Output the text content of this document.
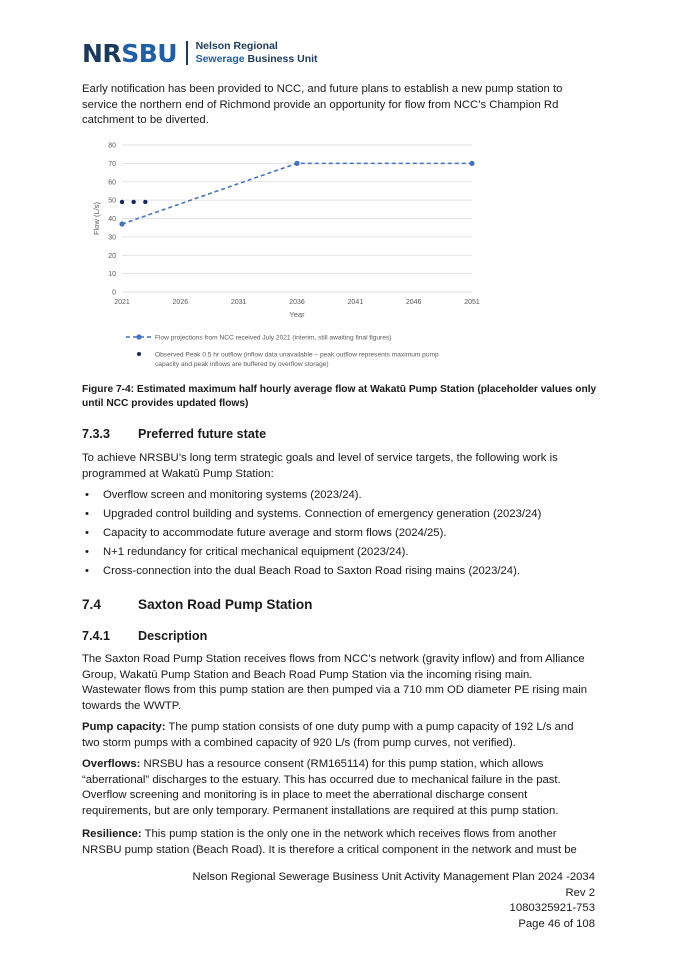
NRSBU Nelson Regional
Sewerage Business Unit

Early notification has been provided to NCC, and future plans to establish a new pump station to service the northern end of Richmond provide an opportunity for flow from NCC’s Champion Rd catchment to be diverted.

0
10
20
30
40
50
60
70
80
2021	2026	2031	2036	2041	2046	2051
Flow (L/s)
Year
Flow projections from NCC received July 2021 (interim, still awaiting final figures)
Observed Peak 0.5 hr outflow (inflow data unavailable – peak outflow represents maximum pump capacity and peak inflows are buffered by overflow storage)

Figure 7-4: Estimated maximum half hourly average flow at Wakatū Pump Station (placeholder values only until NCC provides updated flows)

7.3.3 Preferred future state

To achieve NRSBU’s long term strategic goals and level of service targets, the following work is programmed at Wakatū Pump Station:

• Overflow screen and monitoring systems (2023/24).
• Upgraded control building and systems. Connection of emergency generation (2023/24)
• Capacity to accommodate future average and storm flows (2024/25).
• N+1 redundancy for critical mechanical equipment (2023/24).
• Cross-connection into the dual Beach Road to Saxton Road rising mains (2023/24).
7.4	Saxton Road Pump Station
7.4.1 Description

The Saxton Road Pump Station receives flows from NCC’s network (gravity inflow) and from Alliance Group, Wakatū Pump Station and Beach Road Pump Station via the incoming rising main. Wastewater flows from this pump station are then pumped via a 710 mm OD diameter PE rising main towards the WWTP.

Pump capacity: The pump station consists of one duty pump with a pump capacity of 192 L/s and two storm pumps with a combined capacity of 920 L/s (from pump curves, not verified).

Overflows: NRSBU has a resource consent (RM165114) for this pump station, which allows “aberrational” discharges to the estuary. This has occurred due to mechanical failure in the past. Overflow screening and monitoring is in place to meet the aberrational discharge consent requirements, but are only temporary. Permanent installations are required at this pump station.

Resilience: This pump station is the only one in the network which receives flows from another NRSBU pump station (Beach Road). It is therefore a critical component in the network and must be

Nelson Regional Sewerage Business Unit Activity Management Plan 2024 -2034
Rev 2
1080325921-753
Page 46 of 108
